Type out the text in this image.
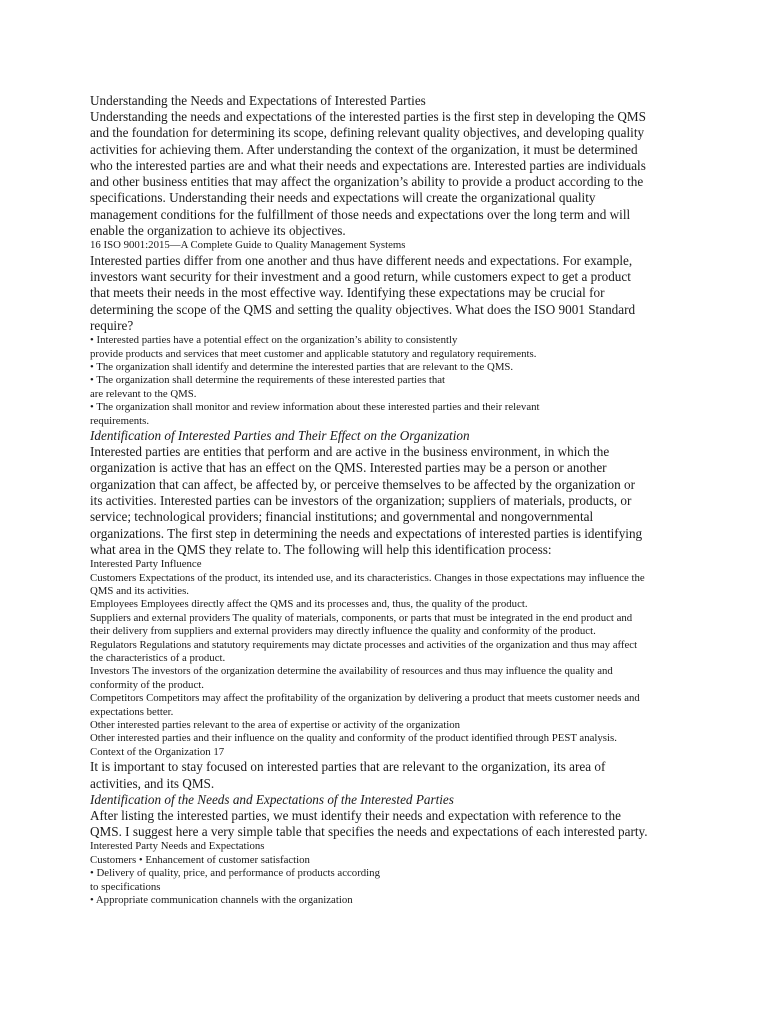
Understanding the Needs and Expectations of Interested Parties
Understanding the needs and expectations of the interested parties is the first step in developing the QMS
and the foundation for determining its scope, defining relevant quality objectives, and developing quality
activities for achieving them. After understanding the context of the organization, it must be determined
who the interested parties are and what their needs and expectations are. Interested parties are individuals
and other business entities that may affect the organization’s ability to provide a product according to the
specifications. Understanding their needs and expectations will create the organizational quality
management conditions for the fulfillment of those needs and expectations over the long term and will
enable the organization to achieve its objectives.
16 ISO 9001:2015—A Complete Guide to Quality Management Systems
Interested parties differ from one another and thus have different needs and expectations. For example,
investors want security for their investment and a good return, while customers expect to get a product
that meets their needs in the most effective way. Identifying these expectations may be crucial for
determining the scope of the QMS and setting the quality objectives. What does the ISO 9001 Standard
require?
• Interested parties have a potential effect on the organization’s ability to consistently
provide products and services that meet customer and applicable statutory and regulatory requirements.
• The organization shall identify and determine the interested parties that are relevant to the QMS.
• The organization shall determine the requirements of these interested parties that
are relevant to the QMS.
• The organization shall monitor and review information about these interested parties and their relevant
requirements.
Identification of Interested Parties and Their Effect on the Organization
Interested parties are entities that perform and are active in the business environment, in which the
organization is active that has an effect on the QMS. Interested parties may be a person or another
organization that can affect, be affected by, or perceive themselves to be affected by the organization or
its activities. Interested parties can be investors of the organization; suppliers of materials, products, or
service; technological providers; financial institutions; and governmental and nongovernmental
organizations. The first step in determining the needs and expectations of interested parties is identifying
what area in the QMS they relate to. The following will help this identification process:
Interested Party Influence
Customers Expectations of the product, its intended use, and its characteristics. Changes in those expectations may influence the
QMS and its activities.
Employees Employees directly affect the QMS and its processes and, thus, the quality of the product.
Suppliers and external providers The quality of materials, components, or parts that must be integrated in the end product and
their delivery from suppliers and external providers may directly influence the quality and conformity of the product.
Regulators Regulations and statutory requirements may dictate processes and activities of the organization and thus may affect
the characteristics of a product.
Investors The investors of the organization determine the availability of resources and thus may influence the quality and
conformity of the product.
Competitors Competitors may affect the profitability of the organization by delivering a product that meets customer needs and
expectations better.
Other interested parties relevant to the area of expertise or activity of the organization
Other interested parties and their influence on the quality and conformity of the product identified through PEST analysis.
Context of the Organization 17
It is important to stay focused on interested parties that are relevant to the organization, its area of
activities, and its QMS.
Identification of the Needs and Expectations of the Interested Parties
After listing the interested parties, we must identify their needs and expectation with reference to the
QMS. I suggest here a very simple table that specifies the needs and expectations of each interested party.
Interested Party Needs and Expectations
Customers • Enhancement of customer satisfaction
• Delivery of quality, price, and performance of products according
to specifications
• Appropriate communication channels with the organization
